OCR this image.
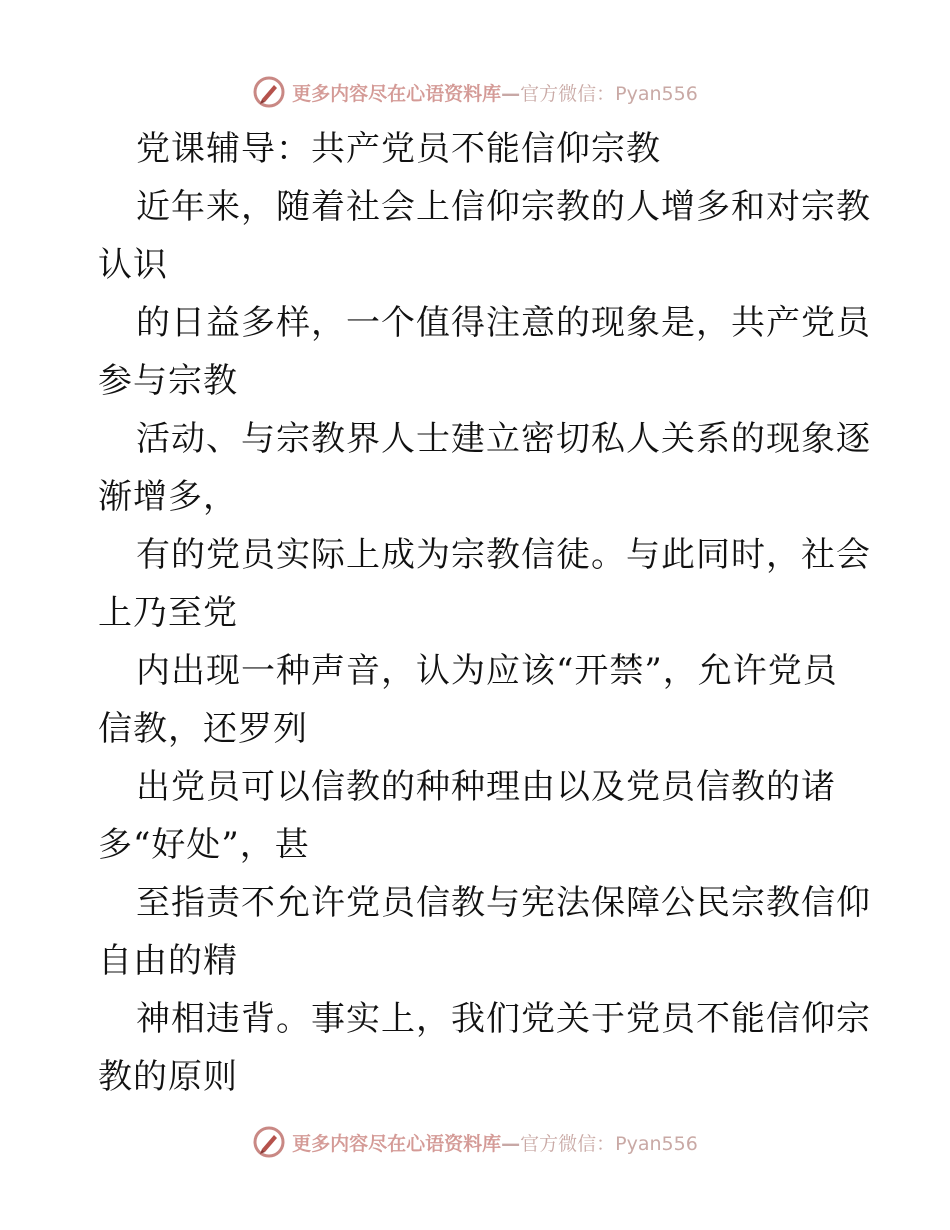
更多内容尽在心语资料库—官方微信：Pyan556
党课辅导：共产党员不能信仰宗教
近年来，随着社会上信仰宗教的人增多和对宗教
认识
的日益多样，一个值得注意的现象是，共产党员
参与宗教
活动、与宗教界人士建立密切私人关系的现象逐
渐增多，
有的党员实际上成为宗教信徒。与此同时，社会
上乃至党
内出现一种声音，认为应该“开禁”，允许党员
信教，还罗列
出党员可以信教的种种理由以及党员信教的诸
多“好处”，甚
至指责不允许党员信教与宪法保障公民宗教信仰
自由的精
神相违背。事实上，我们党关于党员不能信仰宗
教的原则
更多内容尽在心语资料库—官方微信：Pyan556
